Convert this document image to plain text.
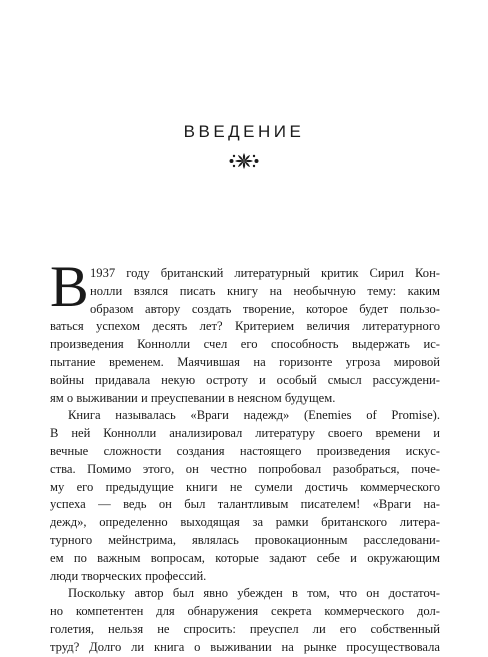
ВВЕДЕНИЕ
В 1937 году британский литературный критик Сирил Кон-
нолли взялся писать книгу на необычную тему: каким
образом автору создать творение, которое будет пользо-
ваться успехом десять лет? Критерием величия литературного
произведения Коннолли счел его способность выдержать ис-
пытание временем. Маячившая на горизонте угроза мировой
войны придавала некую остроту и особый смысл рассуждени-
ям о выживании и преуспевании в неясном будущем.
Книга называлась «Враги надежд» (Enemies of Promise).
В ней Коннолли анализировал литературу своего времени и
вечные сложности создания настоящего произведения искус-
ства. Помимо этого, он честно попробовал разобраться, поче-
му его предыдущие книги не сумели достичь коммерческого
успеха — ведь он был талантливым писателем! «Враги на-
дежд», определенно выходящая за рамки британского литера-
турного мейнстрима, являлась провокационным расследовани-
ем по важным вопросам, которые задают себе и окружающим
люди творческих профессий.
Поскольку автор был явно убежден в том, что он достаточ-
но компетентен для обнаружения секрета коммерческого дол-
голетия, нельзя не спросить: преуспел ли его собственный
труд? Долго ли книга о выживании на рынке просуществовала
